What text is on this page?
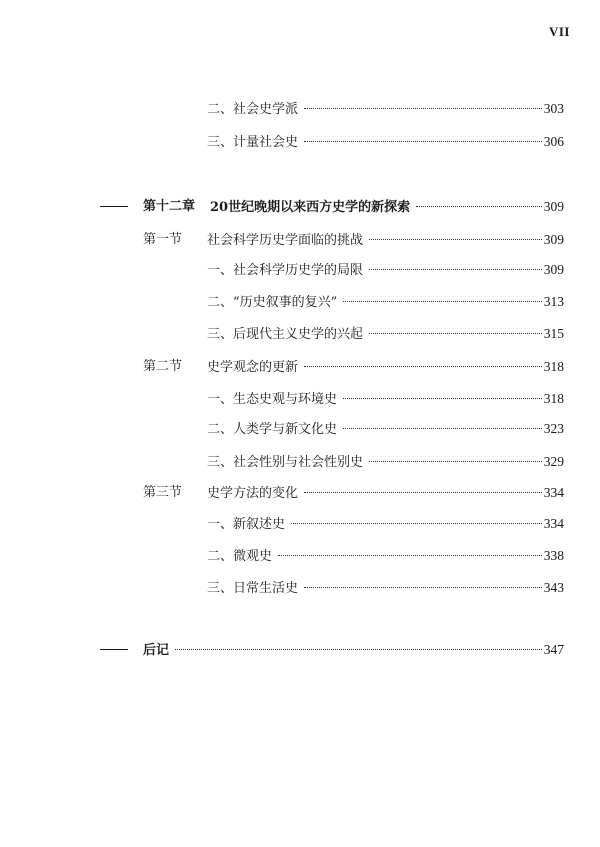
VII
二、社会史学派	303
三、计量社会史	306
第十二章 20世纪晚期以来西方史学的新探索	309
第一节 社会科学历史学面临的挑战	309
一、社会科学历史学的局限	309
二、“历史叙事的复兴”	313
三、后现代主义史学的兴起	315
第二节 史学观念的更新	318
一、生态史观与环境史	318
二、人类学与新文化史	323
三、社会性别与社会性别史	329
第三节 史学方法的变化	334
一、新叙述史	334
二、微观史	338
三、日常生活史	343
后记	347
